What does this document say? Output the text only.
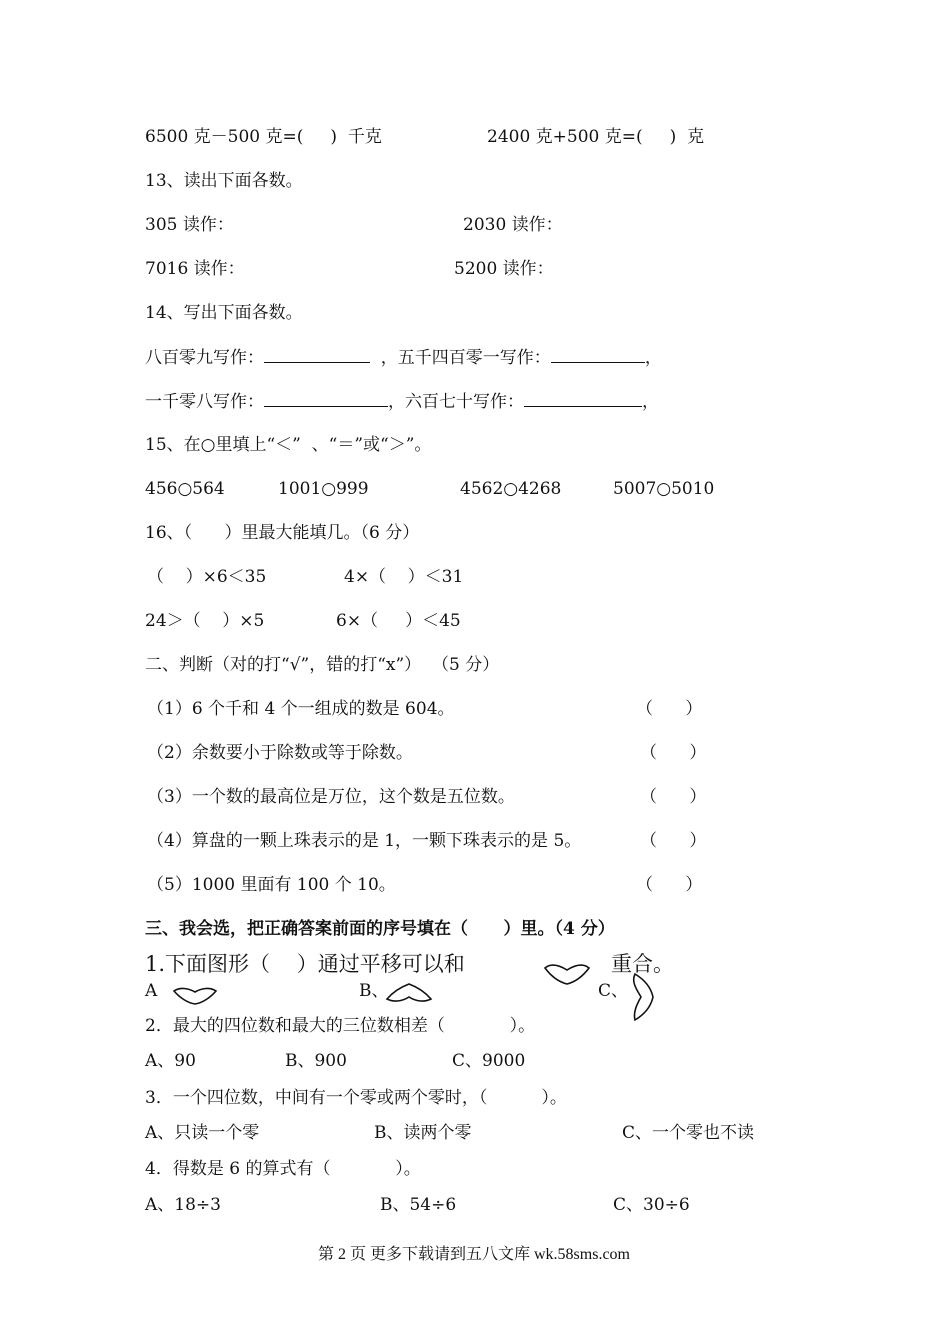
6500 克－500 克=(     )  千克	2400 克+500 克=(     )  克
13、读出下面各数。
305 读作：	2030 读作：
7016 读作：	5200 读作：
14、写出下面各数。
八百零九写作：	，五千四百零一写作：	，
一千零八写作：	，六百七十写作：	，
15、在○里填上“＜”  、“＝”或“＞”。
456○564	1001○999	4562○4268	5007○5010
16、（      ）里最大能填几。（6 分）
（    ）×6＜35	4×（    ）＜31
24＞（    ）×5	6×（     ）＜45
二、判断（对的打“√”，错的打“x”）  （5 分）
（1）6 个千和 4 个一组成的数是 604。	（      ）
（2）余数要小于除数或等于除数。	（      ）
（3）一个数的最高位是万位，这个数是五位数。	（      ）
（4）算盘的一颗上珠表示的是 1，一颗下珠表示的是 5。	（      ）
（5）1000 里面有 100 个 10。	（      ）
三、我会选，把正确答案前面的序号填在（      ）里。（4 分）
1.下面图形（    ）通过平移可以和	重合。
A	B、	C、
2．最大的四位数和最大的三位数相差（            ）。
A、90	B、900	C、9000
3．一个四位数，中间有一个零或两个零时，（          ）。
A、只读一个零	B、读两个零	C、一个零也不读
4．得数是 6 的算式有（            ）。
A、18÷3	B、54÷6	C、30÷6
第 2 页 更多下载请到五八文库 wk.58sms.com
